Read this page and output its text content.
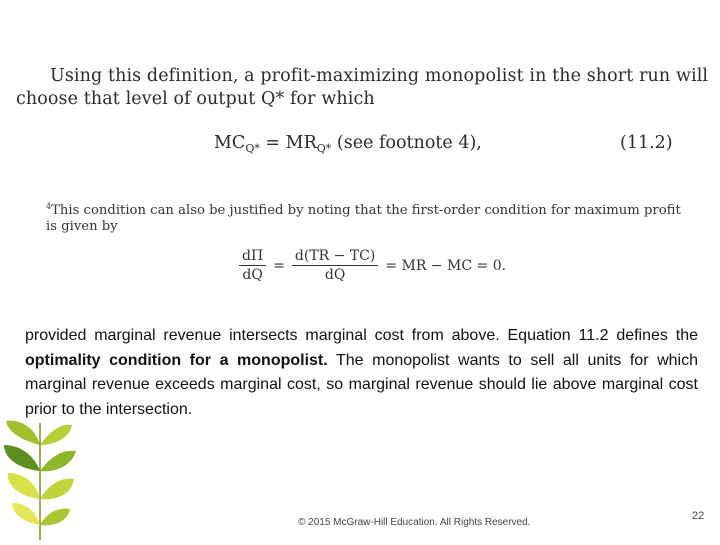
Using this definition, a profit-maximizing monopolist in the short run will
choose that level of output Q* for which
$MC_{Q*} = MR_{Q*}$ (see footnote 4),	(11.2)
$^4$This condition can also be justified by noting that the first-order condition for maximum profit is given by
$\frac{d\Pi}{dQ} = \frac{d(TR - TC)}{dQ}$ = MR − MC = 0.
provided marginal revenue intersects marginal cost from above. Equation 11.2 defines the optimality condition for a monopolist. The monopolist wants to sell all units for which marginal revenue exceeds marginal cost, so marginal revenue should lie above marginal cost prior to the intersection.
© 2015 McGraw-Hill Education. All Rights Reserved.
22
